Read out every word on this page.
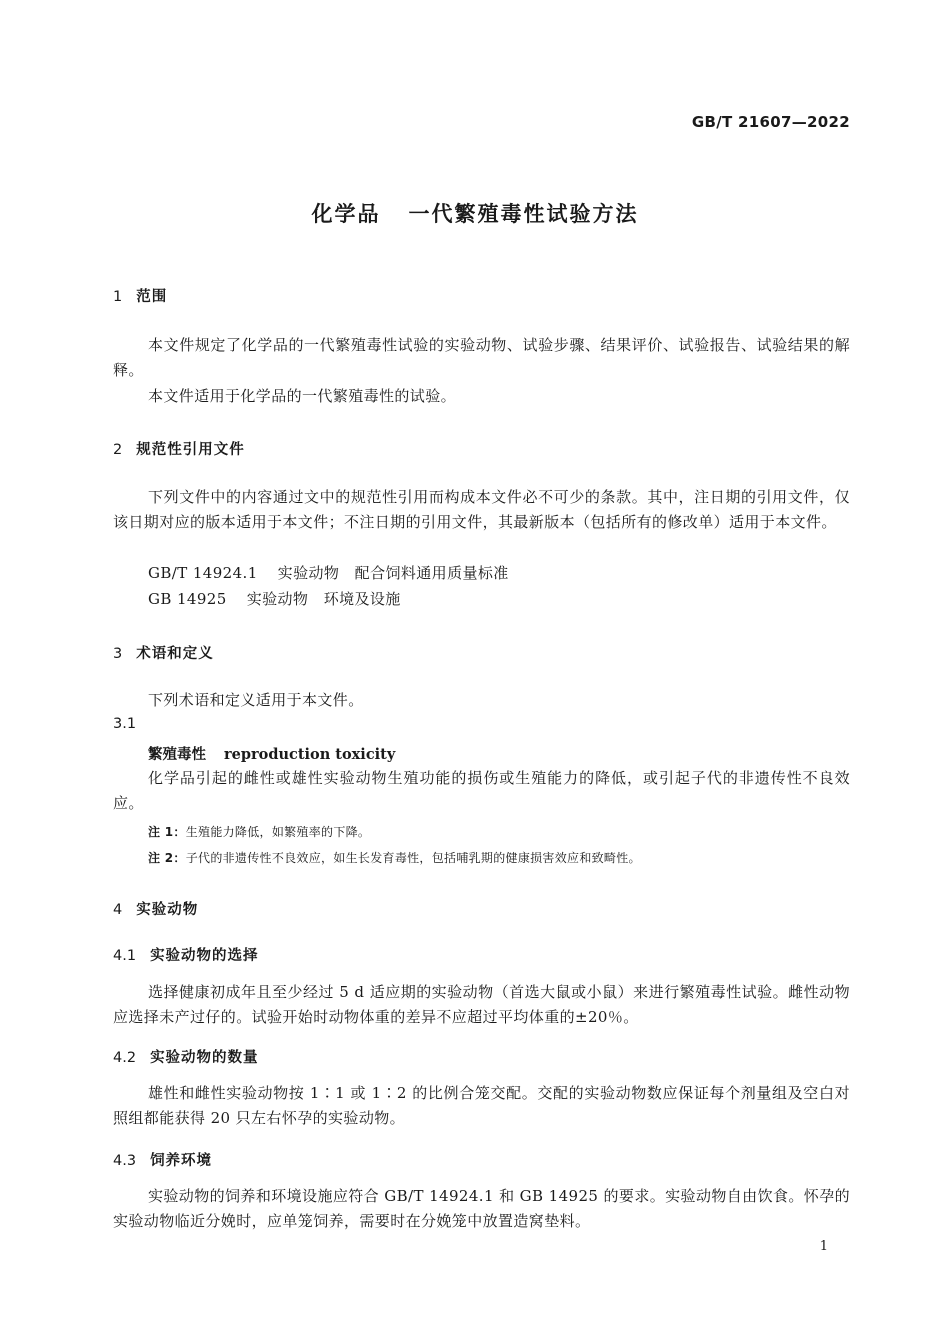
GB/T 21607—2022
化学品 一代繁殖毒性试验方法
1 范围
本文件规定了化学品的一代繁殖毒性试验的实验动物、试验步骤、结果评价、试验报告、试验结果的解释。
本文件适用于化学品的一代繁殖毒性的试验。
2 规范性引用文件
下列文件中的内容通过文中的规范性引用而构成本文件必不可少的条款。其中，注日期的引用文件，仅该日期对应的版本适用于本文件；不注日期的引用文件，其最新版本（包括所有的修改单）适用于本文件。
GB/T 14924.1 实验动物　配合饲料通用质量标准
GB 14925 实验动物　环境及设施
3 术语和定义
下列术语和定义适用于本文件。
3.1
繁殖毒性 reproduction toxicity
化学品引起的雌性或雄性实验动物生殖功能的损伤或生殖能力的降低，或引起子代的非遗传性不良效应。
注 1：生殖能力降低，如繁殖率的下降。
注 2：子代的非遗传性不良效应，如生长发育毒性，包括哺乳期的健康损害效应和致畸性。
4 实验动物
4.1 实验动物的选择
选择健康初成年且至少经过 5 d 适应期的实验动物（首选大鼠或小鼠）来进行繁殖毒性试验。雌性动物应选择未产过仔的。试验开始时动物体重的差异不应超过平均体重的±20％。
4.2 实验动物的数量
雄性和雌性实验动物按 1∶1 或 1∶2 的比例合笼交配。交配的实验动物数应保证每个剂量组及空白对照组都能获得 20 只左右怀孕的实验动物。
4.3 饲养环境
实验动物的饲养和环境设施应符合 GB/T 14924.1 和 GB 14925 的要求。实验动物自由饮食。怀孕的实验动物临近分娩时，应单笼饲养，需要时在分娩笼中放置造窝垫料。
1
